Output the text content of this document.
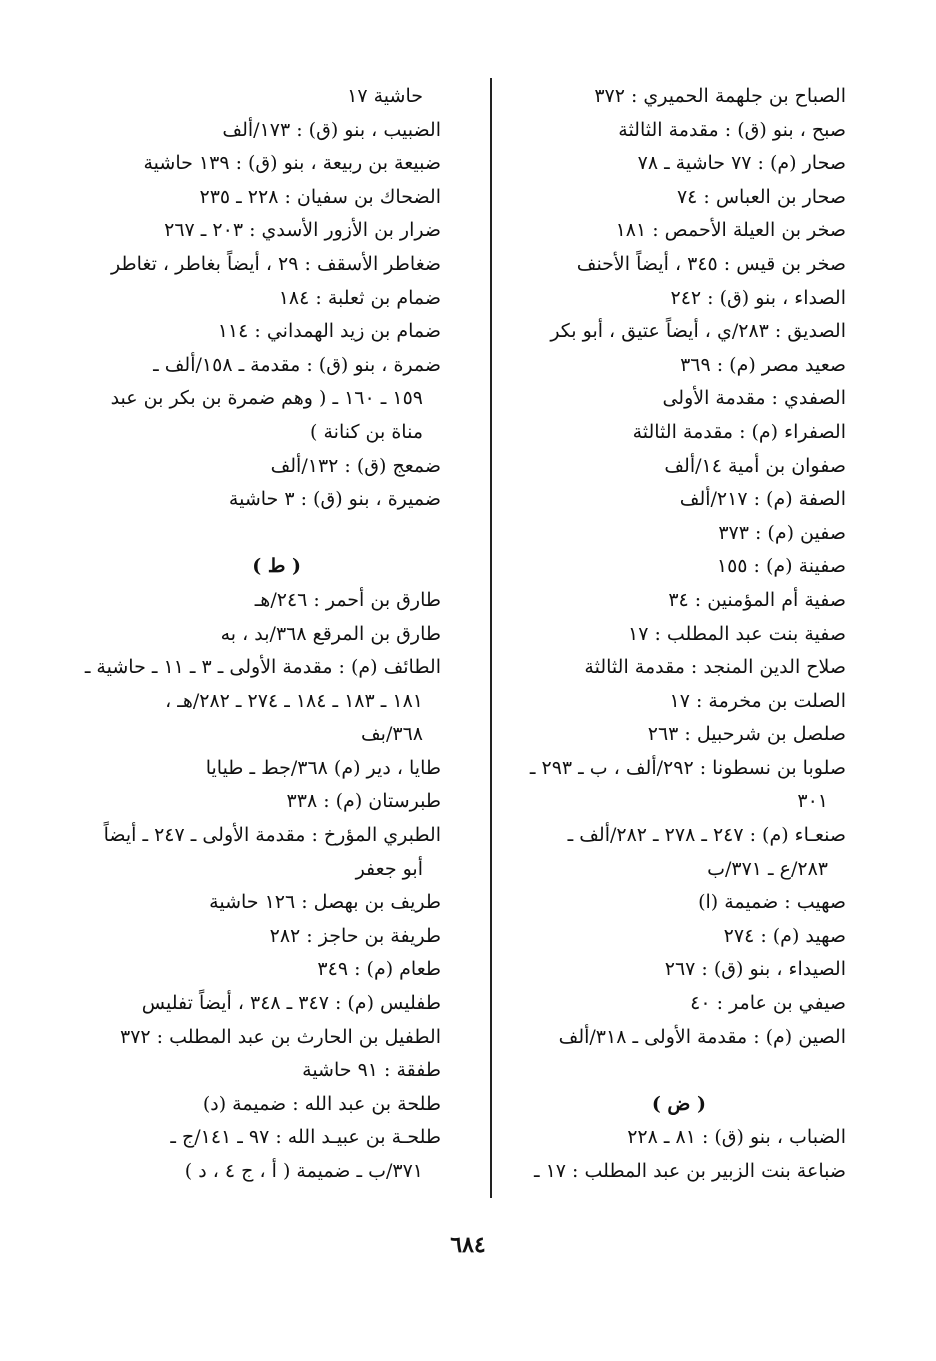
الصباح بن جلهمة الحميري : ٣٧٢
صبح ، بنو (ق) : مقدمة الثالثة
صحار (م) : ٧٧ حاشية ـ ٧٨
صحار بن العباس : ٧٤
صخر بن العيلة الأحمص : ١٨١
صخر بن قيس : ٣٤٥ ، أيضاً الأحنف
الصداء ، بنو (ق) : ٢٤٢
الصديق : ٢٨٣/ي ، أيضاً عتيق ، أبو بكر
صعيد مصر (م) : ٣٦٩
الصفدي : مقدمة الأولى
الصفراء (م) : مقدمة الثالثة
صفوان بن أمية ١٤/ألف
الصفة (م) : ٢١٧/ألف
صفين (م) : ٣٧٣
صفينة (م) : ١٥٥
صفية أم المؤمنين : ٣٤
صفية بنت عبد المطلب : ١٧
صلاح الدين المنجد : مقدمة الثالثة
الصلت بن مخرمة : ١٧
صلصل بن شرحبيل : ٢٦٣
صلوبا بن نسطونا : ٢٩٢/ألف ، ب ـ ٢٩٣ ـ
٣٠١
صنعـاء (م) : ٢٤٧ ـ ٢٧٨ ـ ٢٨٢/ألف ـ
٢٨٣/ع ـ ٣٧١/ب
صهيب : ضميمة (ا)
صهيد (م) : ٢٧٤
الصيداء ، بنو (ق) : ٢٦٧
صيفي بن عامر : ٤٠
الصين (م) : مقدمة الأولى ـ ٣١٨/ألف
( ض )
الضباب ، بنو (ق) : ٨١ ـ ٢٢٨
ضباعة بنت الزبير بن عبد المطلب : ١٧ ـ
حاشية ١٧
الضبيب ، بنو (ق) : ١٧٣/ألف
ضبيعة بن ربيعة ، بنو (ق) : ١٣٩ حاشية
الضحاك بن سفيان : ٢٢٨ ـ ٢٣٥
ضرار بن الأزور الأسدي : ٢٠٣ ـ ٢٦٧
ضغاطر الأسقف : ٢٩ ، أيضاً بغاطر ، تغاطر
ضمام بن ثعلبة : ١٨٤
ضمام بن زيد الهمداني : ١١٤
ضمرة ، بنو (ق) : مقدمة ـ ١٥٨/ألف ـ
١٥٩ ـ ١٦٠ ـ ( وهم ضمرة بن بكر بن عبد
مناة بن كنانة )
ضمعج (ق) : ١٣٢/ألف
ضميرة ، بنو (ق) : ٣ حاشية
( ط )
طارق بن أحمر : ٢٤٦/هـ
طارق بن المرقع ٣٦٨/بد ، به
الطائف (م) : مقدمة الأولى ـ ٣ ـ ١١ ـ حاشية ـ
١٨١ ـ ١٨٣ ـ ١٨٤ ـ ٢٧٤ ـ ٢٨٢/هـ ،
٣٦٨/بف
طايا ، دير (م) ٣٦٨/جط ـ طيايا
طبرستان (م) : ٣٣٨
الطبري المؤرخ : مقدمة الأولى ـ ٢٤٧ ـ أيضاً
أبو جعفر
طريف بن بهصل : ١٢٦ حاشية
طريفة بن حاجز : ٢٨٢
طعام (م) : ٣٤٩
طفليس (م) : ٣٤٧ ـ ٣٤٨ ، أيضاً تفليس
الطفيل بن الحارث بن عبد المطلب : ٣٧٢
طفقة : ٩١ حاشية
طلحة بن عبد الله : ضميمة (د)
طلحـة بن عبيـد الله : ٩٧ ـ ١٤١/ج ـ
٣٧١/ب ـ ضميمة ( أ ، ج ٤ ، د )
٦٨٤
